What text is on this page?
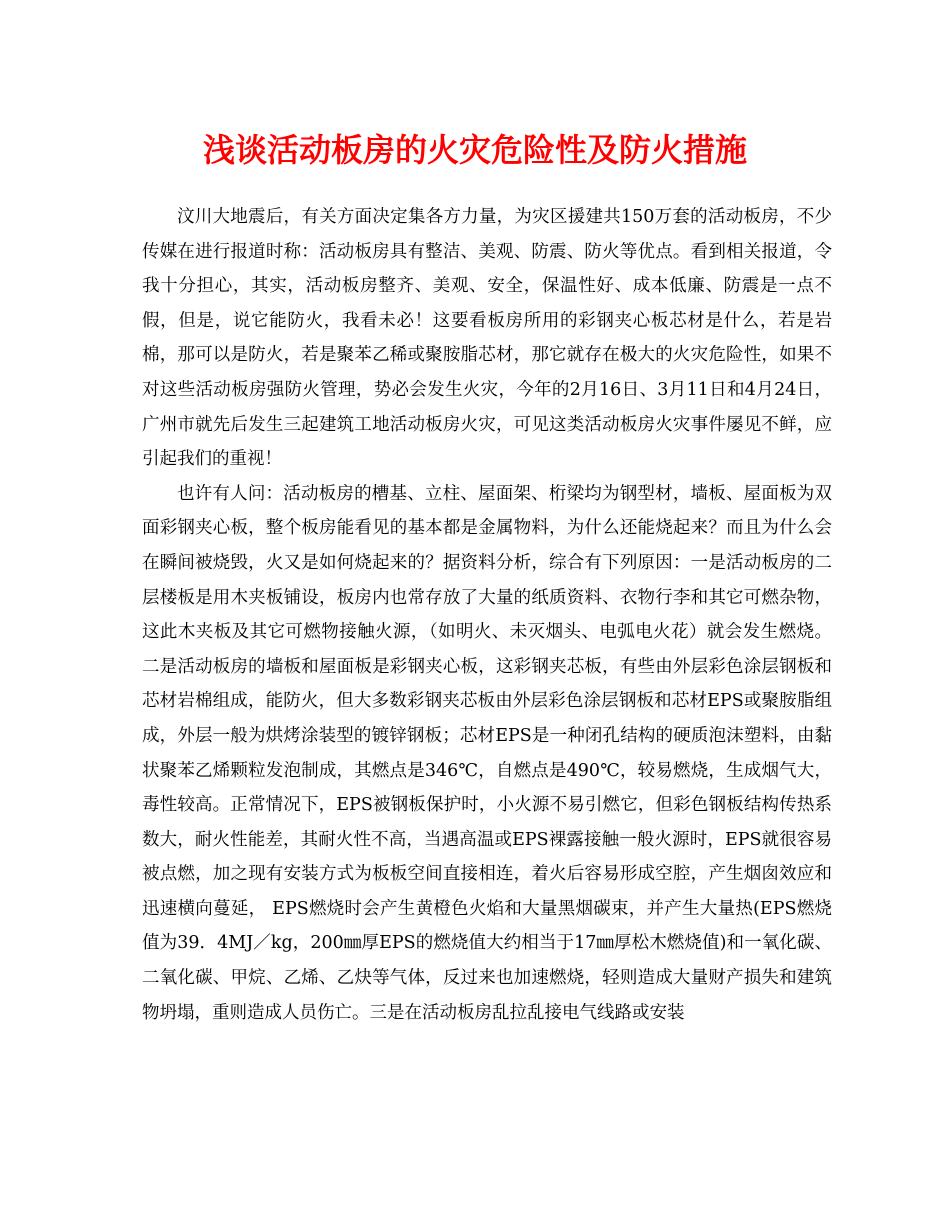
浅谈活动板房的火灾危险性及防火措施

汶川大地震后，有关方面决定集各方力量，为灾区援建共150万套的活动板房，不少传媒在进行报道时称：活动板房具有整洁、美观、防震、防火等优点。看到相关报道，令我十分担心，其实，活动板房整齐、美观、安全，保温性好、成本低廉、防震是一点不假，但是，说它能防火，我看未必！这要看板房所用的彩钢夹心板芯材是什么，若是岩棉，那可以是防火，若是聚苯乙稀或聚胺脂芯材，那它就存在极大的火灾危险性，如果不对这些活动板房强防火管理，势必会发生火灾，今年的2月16日、3月11日和4月24日，广州市就先后发生三起建筑工地活动板房火灾，可见这类活动板房火灾事件屡见不鲜，应引起我们的重视！

也许有人问：活动板房的槽基、立柱、屋面架、桁梁均为钢型材，墙板、屋面板为双面彩钢夹心板，整个板房能看见的基本都是金属物料，为什么还能烧起来？而且为什么会在瞬间被烧毁，火又是如何烧起来的？据资料分析，综合有下列原因：一是活动板房的二层楼板是用木夹板铺设，板房内也常存放了大量的纸质资料、衣物行李和其它可燃杂物，这此木夹板及其它可燃物接触火源，（如明火、未灭烟头、电弧电火花）就会发生燃烧。二是活动板房的墙板和屋面板是彩钢夹心板，这彩钢夹芯板，有些由外层彩色涂层钢板和芯材岩棉组成，能防火，但大多数彩钢夹芯板由外层彩色涂层钢板和芯材EPS或聚胺脂组成，外层一般为烘烤涂装型的镀锌钢板；芯材EPS是一种闭孔结构的硬质泡沫塑料，由黏状聚苯乙烯颗粒发泡制成，其燃点是346℃，自燃点是490℃，较易燃烧，生成烟气大，毒性较高。正常情况下，EPS被钢板保护时，小火源不易引燃它，但彩色钢板结构传热系数大，耐火性能差，其耐火性不高，当遇高温或EPS裸露接触一般火源时，EPS就很容易被点燃，加之现有安装方式为板板空间直接相连，着火后容易形成空腔，产生烟囱效应和迅速横向蔓延， EPS燃烧时会产生黄橙色火焰和大量黑烟碳束，并产生大量热(EPS燃烧值为39．4MJ／kg，200㎜厚EPS的燃烧值大约相当于17㎜厚松木燃烧值)和一氧化碳、二氧化碳、甲烷、乙烯、乙炔等气体，反过来也加速燃烧，轻则造成大量财产损失和建筑物坍塌，重则造成人员伤亡。三是在活动板房乱拉乱接电气线路或安装
